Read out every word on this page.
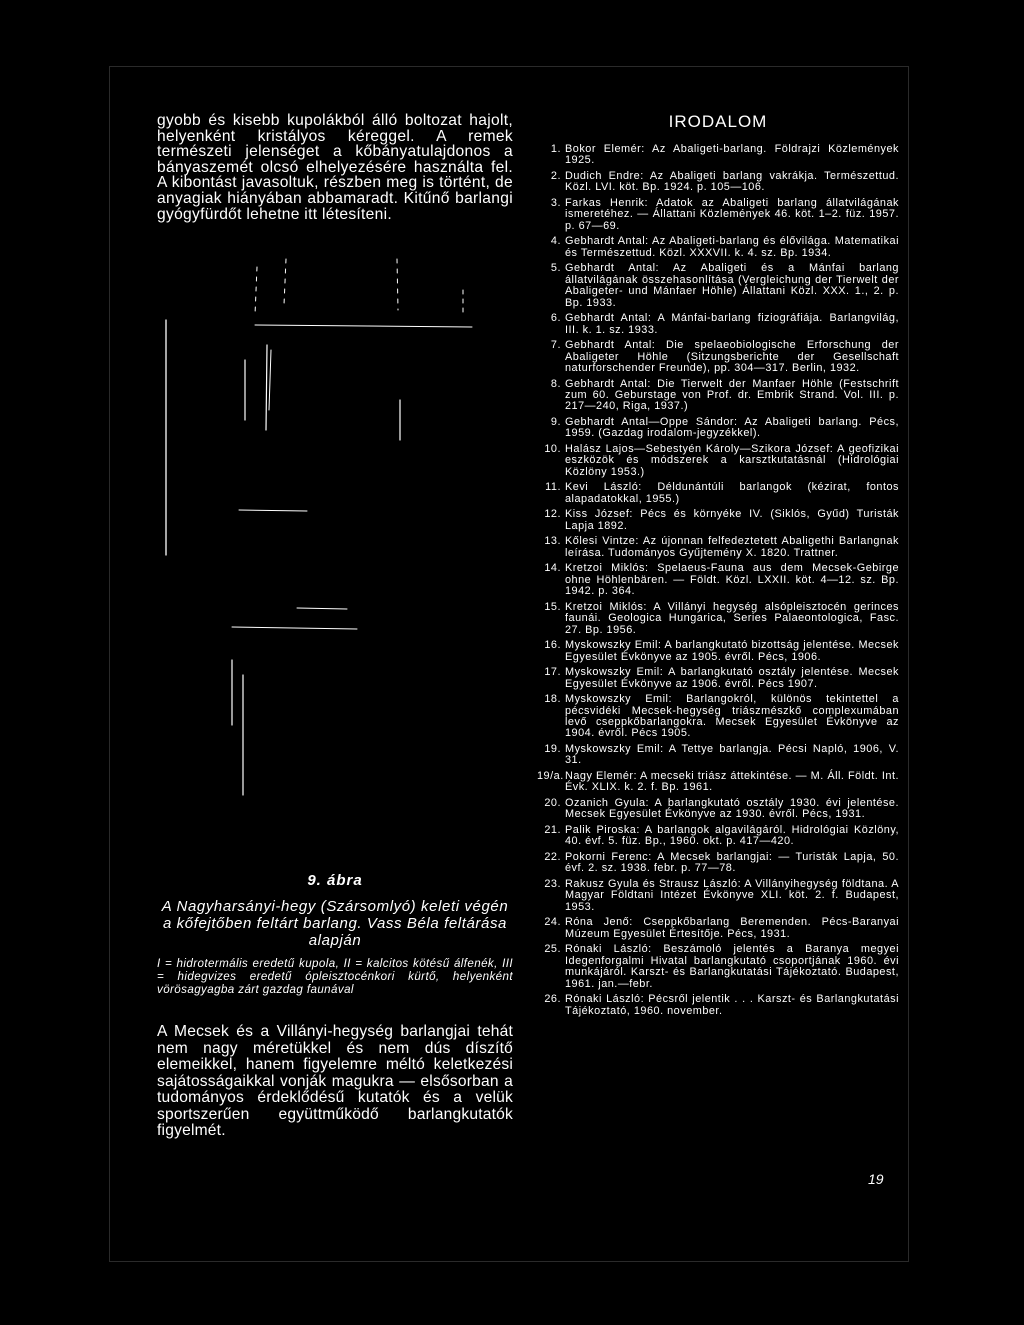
gyobb és kisebb kupolákból álló boltozat hajolt, helyenként kristályos kéreggel. A remek természeti jelenséget a kőbányatulajdonos a bányaszemét olcsó elhelyezésére használta fel. A kibontást javasoltuk, részben meg is történt, de anyagiak hiányában abbamaradt. Kitűnő barlangi gyógyfürdőt lehetne itt létesíteni.
9. ábra
A Nagyharsányi-hegy (Szársomlyó) keleti végén a kőfejtőben feltárt barlang. Vass Béla feltárása alapján
I = hidrotermális eredetű kupola, II = kalcitos kötésű álfenék, III = hidegvizes eredetű ópleisztocénkori kürtő, helyenként vörösagyagba zárt gazdag faunával
A Mecsek és a Villányi-hegység barlangjai tehát nem nagy méretükkel és nem dús díszítő elemeikkel, hanem figyelemre méltó keletkezési sajátosságaikkal vonják magukra — elsősorban a tudományos érdeklődésű kutatók és a velük sportszerűen együttműködő barlangkutatók figyelmét.
IRODALOM
1. Bokor Elemér: Az Abaligeti-barlang. Földrajzi Közlemények 1925.
2. Dudich Endre: Az Abaligeti barlang vakrákja. Természettud. Közl. LVI. köt. Bp. 1924. p. 105—106.
3. Farkas Henrik: Adatok az Abaligeti barlang állatvilágának ismeretéhez. — Állattani Közlemények 46. köt. 1–2. füz. 1957. p. 67—69.
4. Gebhardt Antal: Az Abaligeti-barlang és élővilága. Matematikai és Természettud. Közl. XXXVII. k. 4. sz. Bp. 1934.
5. Gebhardt Antal: Az Abaligeti és a Mánfai barlang állatvilágának összehasonlítása (Vergleichung der Tierwelt der Abaligeter- und Mánfaer Höhle) Állattani Közl. XXX. 1., 2. p. Bp. 1933.
6. Gebhardt Antal: A Mánfai-barlang fiziográfiája. Barlangvilág, III. k. 1. sz. 1933.
7. Gebhardt Antal: Die spelaeobiologische Erforschung der Abaligeter Höhle (Sitzungsberichte der Gesellschaft naturforschender Freunde), pp. 304—317. Berlin, 1932.
8. Gebhardt Antal: Die Tierwelt der Manfaer Höhle (Festschrift zum 60. Geburstage von Prof. dr. Embrik Strand. Vol. III. p. 217—240, Riga, 1937.)
9. Gebhardt Antal—Oppe Sándor: Az Abaligeti barlang. Pécs, 1959. (Gazdag irodalom-jegyzékkel).
10. Halász Lajos—Sebestyén Károly—Szikora József: A geofizikai eszközök és módszerek a karsztkutatásnál (Hidrológiai Közlöny 1953.)
11. Kevi László: Déldunántúli barlangok (kézirat, fontos alapadatokkal, 1955.)
12. Kiss József: Pécs és környéke IV. (Siklós, Gyűd) Turisták Lapja 1892.
13. Kőlesi Vintze: Az újonnan felfedeztetett Abaligethi Barlangnak leírása. Tudományos Gyűjtemény X. 1820. Trattner.
14. Kretzoi Miklós: Spelaeus-Fauna aus dem Mecsek-Gebirge ohne Höhlenbären. — Földt. Közl. LXXII. köt. 4—12. sz. Bp. 1942. p. 364.
15. Kretzoi Miklós: A Villányi hegység alsópleisztocén gerinces faunái. Geologica Hungarica, Series Palaeontologica, Fasc. 27. Bp. 1956.
16. Myskowszky Emil: A barlangkutató bizottság jelentése. Mecsek Egyesület Évkönyve az 1905. évről. Pécs, 1906.
17. Myskowszky Emil: A barlangkutató osztály jelentése. Mecsek Egyesület Évkönyve az 1906. évről. Pécs 1907.
18. Myskowszky Emil: Barlangokról, különös tekintettel a pécsvidéki Mecsek-hegység triászmészkő complexumában levő cseppkőbarlangokra. Mecsek Egyesület Évkönyve az 1904. évről. Pécs 1905.
19. Myskowszky Emil: A Tettye barlangja. Pécsi Napló, 1906, V. 31.
19/a. Nagy Elemér: A mecseki triász áttekintése. — M. Áll. Földt. Int. Évk. XLIX. k. 2. f. Bp. 1961.
20. Ozanich Gyula: A barlangkutató osztály 1930. évi jelentése. Mecsek Egyesület Évkönyve az 1930. évről. Pécs, 1931.
21. Palik Piroska: A barlangok algavilágáról. Hidrológiai Közlöny, 40. évf. 5. füz. Bp., 1960. okt. p. 417—420.
22. Pokorni Ferenc: A Mecsek barlangjai: — Turisták Lapja, 50. évf. 2. sz. 1938. febr. p. 77—78.
23. Rakusz Gyula és Strausz László: A Villányihegység földtana. A Magyar Földtani Intézet Évkönyve XLI. köt. 2. f. Budapest, 1953.
24. Róna Jenő: Cseppkőbarlang Beremenden. Pécs-Baranyai Múzeum Egyesület Értesítője. Pécs, 1931.
25. Rónaki László: Beszámoló jelentés a Baranya megyei Idegenforgalmi Hivatal barlangkutató csoportjának 1960. évi munkájáról. Karszt- és Barlangkutatási Tájékoztató. Budapest, 1961. jan.—febr.
26. Rónaki László: Pécsről jelentik . . . Karszt- és Barlangkutatási Tájékoztató, 1960. november.
19
